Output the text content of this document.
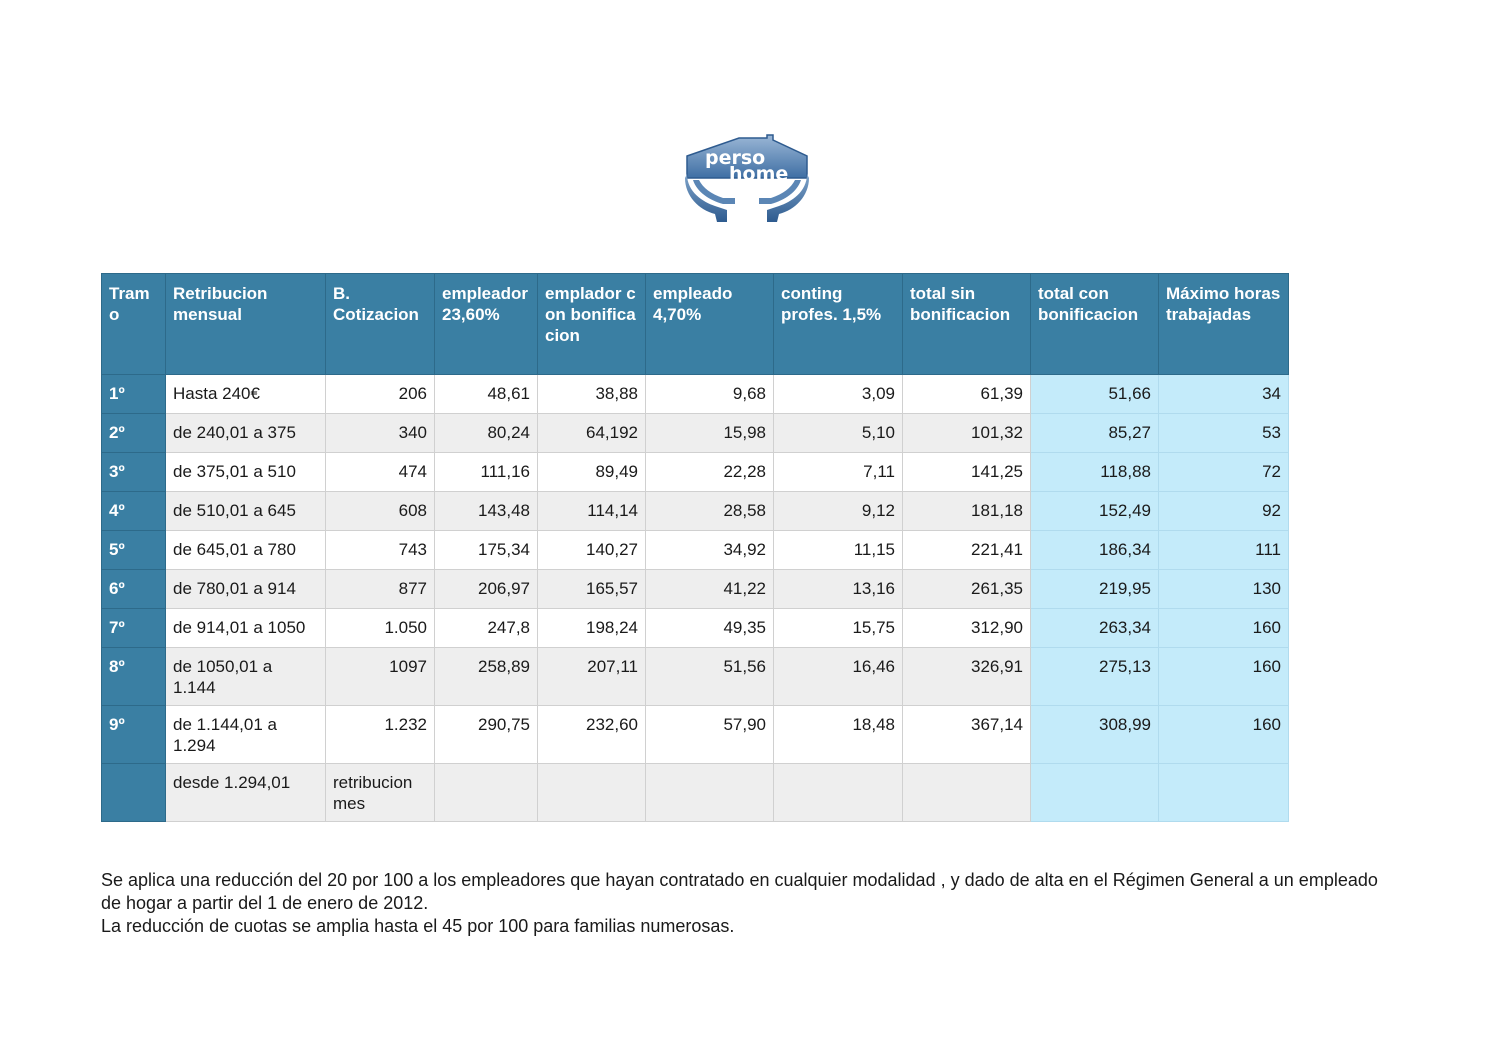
perso
home
Tramo	Retribucion mensual	B. Cotizacion	empleador 23,60%	emplador con bonificacion	empleado 4,70%	conting profes. 1,5%	total sin bonificacion	total con bonificacion	Máximo horas trabajadas
1º	Hasta 240€	206	48,61	38,88	9,68	3,09	61,39	51,66	34
2º	de 240,01 a 375	340	80,24	64,192	15,98	5,10	101,32	85,27	53
3º	de 375,01 a 510	474	111,16	89,49	22,28	7,11	141,25	118,88	72
4º	de 510,01 a 645	608	143,48	114,14	28,58	9,12	181,18	152,49	92
5º	de 645,01 a 780	743	175,34	140,27	34,92	11,15	221,41	186,34	111
6º	de 780,01 a 914	877	206,97	165,57	41,22	13,16	261,35	219,95	130
7º	de 914,01 a 1050	1.050	247,8	198,24	49,35	15,75	312,90	263,34	160
8º	de 1050,01 a 1.144	1097	258,89	207,11	51,56	16,46	326,91	275,13	160
9º	de 1.144,01 a 1.294	1.232	290,75	232,60	57,90	18,48	367,14	308,99	160
	desde 1.294,01	retribucion mes							

Se aplica una reducción del 20 por 100 a los empleadores que hayan contratado en cualquier modalidad , y dado de alta en el Régimen General a un empleado de hogar a partir del 1 de enero de 2012.

La reducción de cuotas se amplia hasta el 45 por 100 para familias numerosas.
